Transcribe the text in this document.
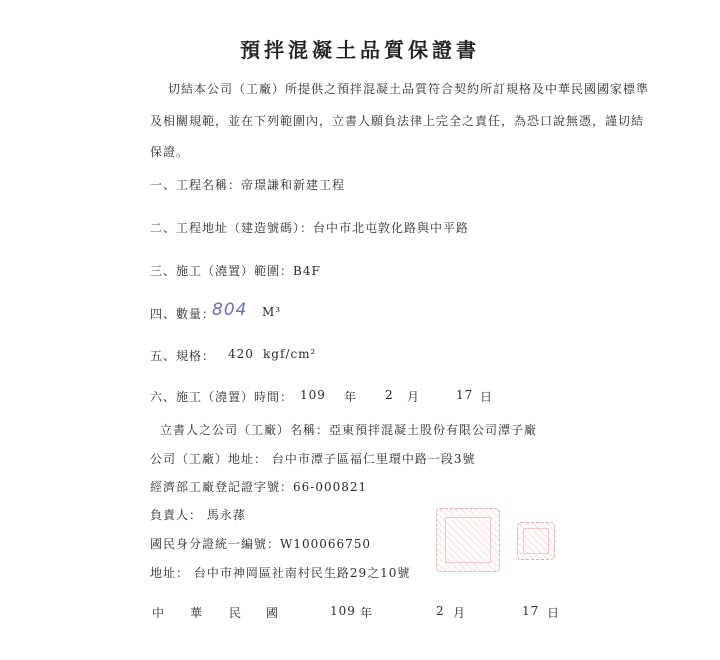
預拌混凝土品質保證書
切結本公司（工廠）所提供之預拌混凝土品質符合契約所訂規格及中華民國國家標準
及相關規範，並在下列範圍內，立書人願負法律上完全之責任，為恐口說無憑，謹切結
保證。
一、工程名稱：帝璟謙和新建工程
二、工程地址（建造號碼）：台中市北屯敦化路與中平路
三、施工（澆置）範圍：B4F
四、數量：
804 M³
五、規格： 420 kgf/cm²
六、施工（澆置）時間： 109 年 2 月	17 日
立書人之公司（工廠）名稱：亞東預拌混凝土股份有限公司潭子廠
公司（工廠）地址： 台中市潭子區福仁里環中路一段3號
經濟部工廠登記證字號：66-000821
負責人： 馬永蓀
國民身分證統一編號：W100066750
地址： 台中市神岡區社南村民生路29之10號
中 華 民 國	109 年	2 月	17 日
